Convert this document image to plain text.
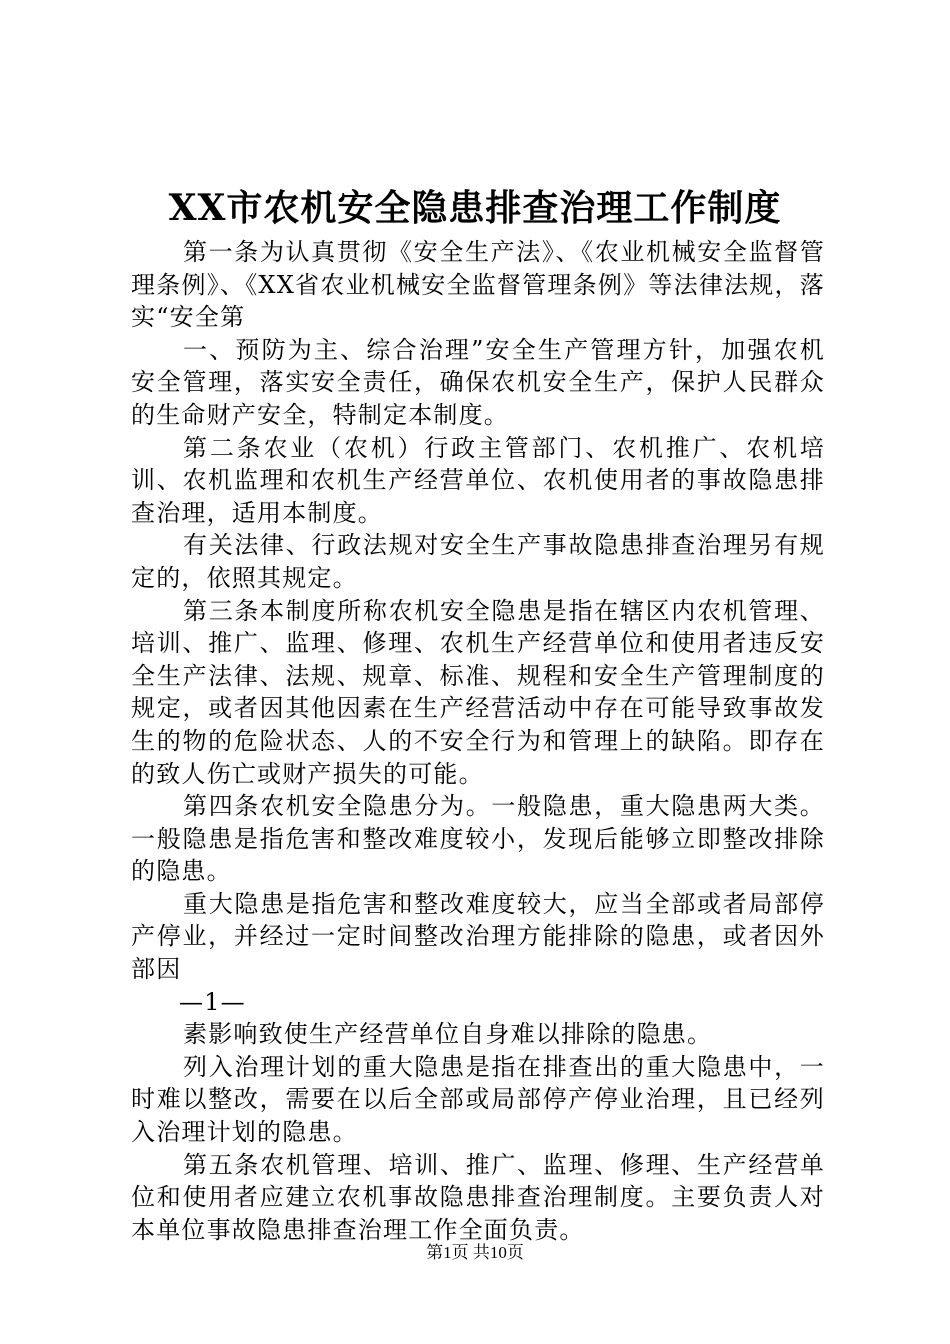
XX市农机安全隐患排查治理工作制度

第一条为认真贯彻《安全生产法》、《农业机械安全监督管理条例》、《XX省农业机械安全监督管理条例》等法律法规，落实“安全第

一、预防为主、综合治理”安全生产管理方针，加强农机安全管理，落实安全责任，确保农机安全生产，保护人民群众的生命财产安全，特制定本制度。

第二条农业（农机）行政主管部门、农机推广、农机培训、农机监理和农机生产经营单位、农机使用者的事故隐患排查治理，适用本制度。

有关法律、行政法规对安全生产事故隐患排查治理另有规定的，依照其规定。

第三条本制度所称农机安全隐患是指在辖区内农机管理、培训、推广、监理、修理、农机生产经营单位和使用者违反安全生产法律、法规、规章、标准、规程和安全生产管理制度的规定，或者因其他因素在生产经营活动中存在可能导致事故发生的物的危险状态、人的不安全行为和管理上的缺陷。即存在的致人伤亡或财产损失的可能。

第四条农机安全隐患分为。一般隐患，重大隐患两大类。一般隐患是指危害和整改难度较小，发现后能够立即整改排除的隐患。

重大隐患是指危害和整改难度较大，应当全部或者局部停产停业，并经过一定时间整改治理方能排除的隐患，或者因外部因

—1—

素影响致使生产经营单位自身难以排除的隐患。

列入治理计划的重大隐患是指在排查出的重大隐患中，一时难以整改，需要在以后全部或局部停产停业治理，且已经列入治理计划的隐患。

第五条农机管理、培训、推广、监理、修理、生产经营单位和使用者应建立农机事故隐患排查治理制度。主要负责人对本单位事故隐患排查治理工作全面负责。

第1页 共10页
